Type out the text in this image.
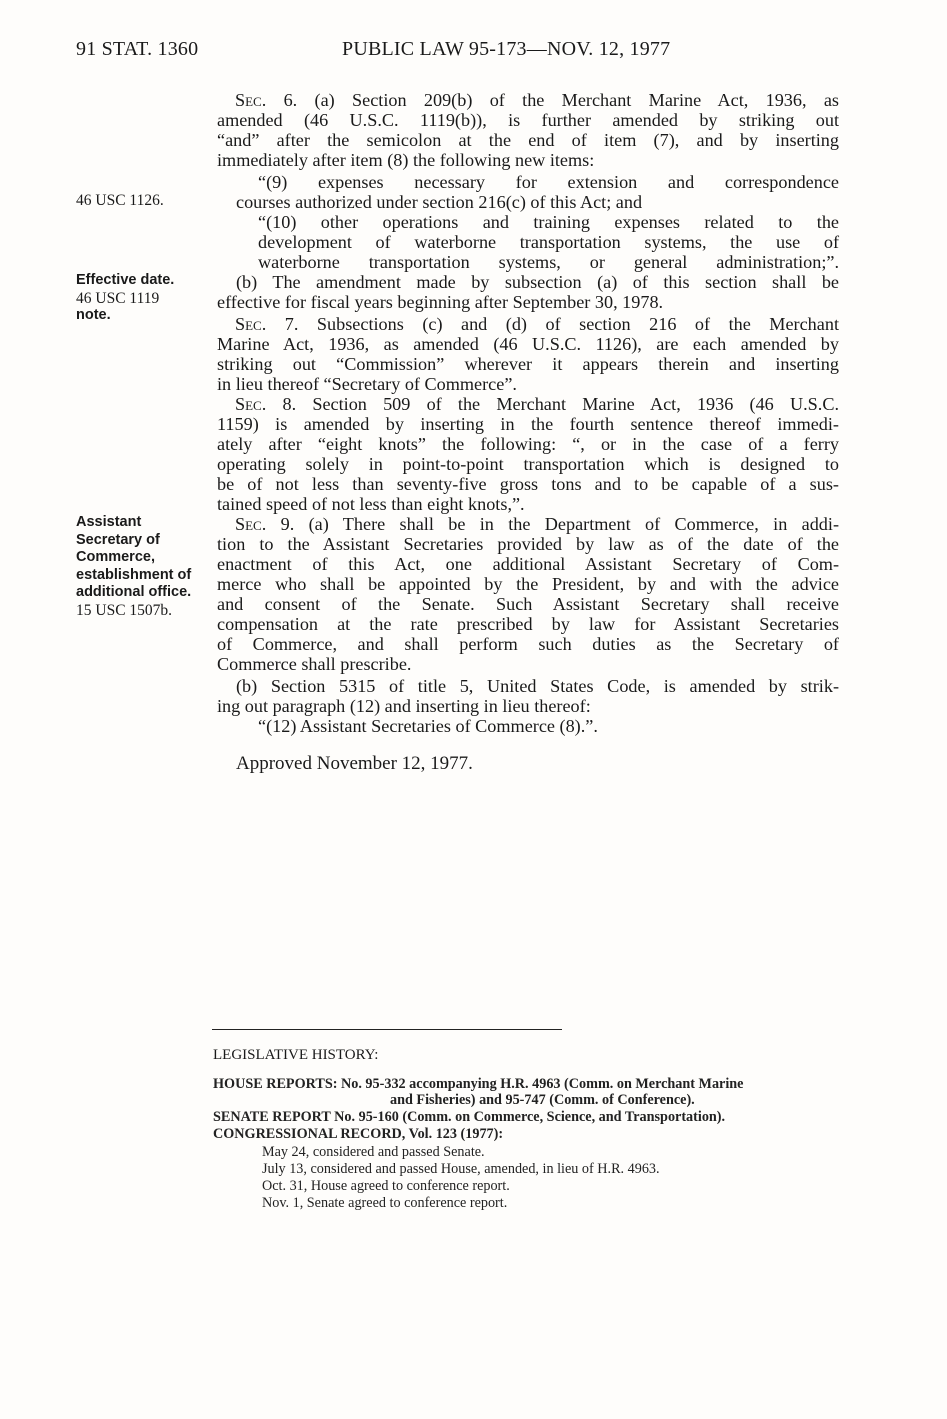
91 STAT. 1360	PUBLIC LAW 95-173—NOV. 12, 1977
46 USC 1126.
Effective date.
46 USC 1119
note.
Assistant
Secretary of
Commerce,
establishment of
additional office.
15 USC 1507b.
Sec. 6. (a) Section 209(b) of the Merchant Marine Act, 1936, as
amended (46 U.S.C. 1119(b)), is further amended by striking out
“and” after the semicolon at the end of item (7), and by inserting
immediately after item (8) the following new items:
“(9) expenses necessary for extension and correspondence
courses authorized under section 216(c) of this Act; and
“(10) other operations and training expenses related to the
development of waterborne transportation systems, the use of
waterborne transportation systems, or general administration;”.
(b) The amendment made by subsection (a) of this section shall be
effective for fiscal years beginning after September 30, 1978.
Sec. 7. Subsections (c) and (d) of section 216 of the Merchant
Marine Act, 1936, as amended (46 U.S.C. 1126), are each amended by
striking out “Commission” wherever it appears therein and inserting
in lieu thereof “Secretary of Commerce”.
Sec. 8. Section 509 of the Merchant Marine Act, 1936 (46 U.S.C.
1159) is amended by inserting in the fourth sentence thereof immedi-
ately after “eight knots” the following: “, or in the case of a ferry
operating solely in point-to-point transportation which is designed to
be of not less than seventy-five gross tons and to be capable of a sus-
tained speed of not less than eight knots,”.
Sec. 9. (a) There shall be in the Department of Commerce, in addi-
tion to the Assistant Secretaries provided by law as of the date of the
enactment of this Act, one additional Assistant Secretary of Com-
merce who shall be appointed by the President, by and with the advice
and consent of the Senate. Such Assistant Secretary shall receive
compensation at the rate prescribed by law for Assistant Secretaries
of Commerce, and shall perform such duties as the Secretary of
Commerce shall prescribe.
(b) Section 5315 of title 5, United States Code, is amended by strik-
ing out paragraph (12) and inserting in lieu thereof:
“(12) Assistant Secretaries of Commerce (8).”.
Approved November 12, 1977.
LEGISLATIVE HISTORY:
HOUSE REPORTS: No. 95-332 accompanying H.R. 4963 (Comm. on Merchant Marine
and Fisheries) and 95-747 (Comm. of Conference).
SENATE REPORT No. 95-160 (Comm. on Commerce, Science, and Transportation).
CONGRESSIONAL RECORD, Vol. 123 (1977):
May 24, considered and passed Senate.
July 13, considered and passed House, amended, in lieu of H.R. 4963.
Oct. 31, House agreed to conference report.
Nov. 1, Senate agreed to conference report.
